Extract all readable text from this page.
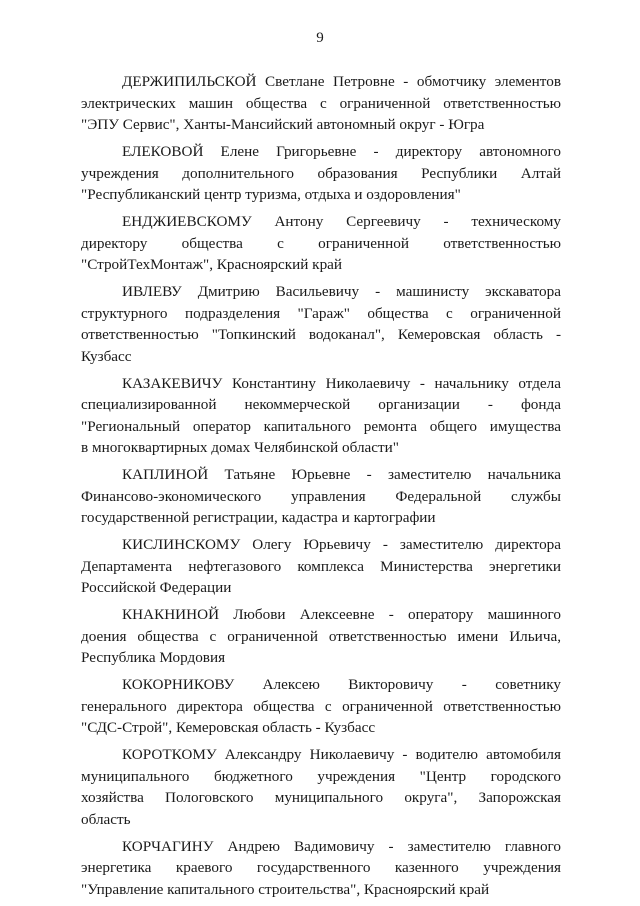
9
ДЕРЖИПИЛЬСКОЙ Светлане Петровне - обмотчику элементов
электрических машин общества с ограниченной ответственностью
"ЭПУ Сервис", Ханты-Мансийский автономный округ - Югра
ЕЛЕКОВОЙ Елене Григорьевне - директору автономного
учреждения дополнительного образования Республики Алтай
"Республиканский центр туризма, отдыха и оздоровления"
ЕНДЖИЕВСКОМУ Антону Сергеевичу - техническому
директору общества с ограниченной ответственностью
"СтройТехМонтаж", Красноярский край
ИВЛЕВУ Дмитрию Васильевичу - машинисту экскаватора
структурного подразделения "Гараж" общества с ограниченной
ответственностью "Топкинский водоканал", Кемеровская область -
Кузбасс
КАЗАКЕВИЧУ Константину Николаевичу - начальнику отдела
специализированной некоммерческой организации - фонда
"Региональный оператор капитального ремонта общего имущества
в многоквартирных домах Челябинской области"
КАПЛИНОЙ Татьяне Юрьевне - заместителю начальника
Финансово-экономического управления Федеральной службы
государственной регистрации, кадастра и картографии
КИСЛИНСКОМУ Олегу Юрьевичу - заместителю директора
Департамента нефтегазового комплекса Министерства энергетики
Российской Федерации
КНАКНИНОЙ Любови Алексеевне - оператору машинного
доения общества с ограниченной ответственностью имени Ильича,
Республика Мордовия
КОКОРНИКОВУ Алексею Викторовичу - советнику
генерального директора общества с ограниченной ответственностью
"СДС-Строй", Кемеровская область - Кузбасс
КОРОТКОМУ Александру Николаевичу - водителю автомобиля
муниципального бюджетного учреждения "Центр городского
хозяйства Пологовского муниципального округа", Запорожская
область
КОРЧАГИНУ Андрею Вадимовичу - заместителю главного
энергетика краевого государственного казенного учреждения
"Управление капитального строительства", Красноярский край
